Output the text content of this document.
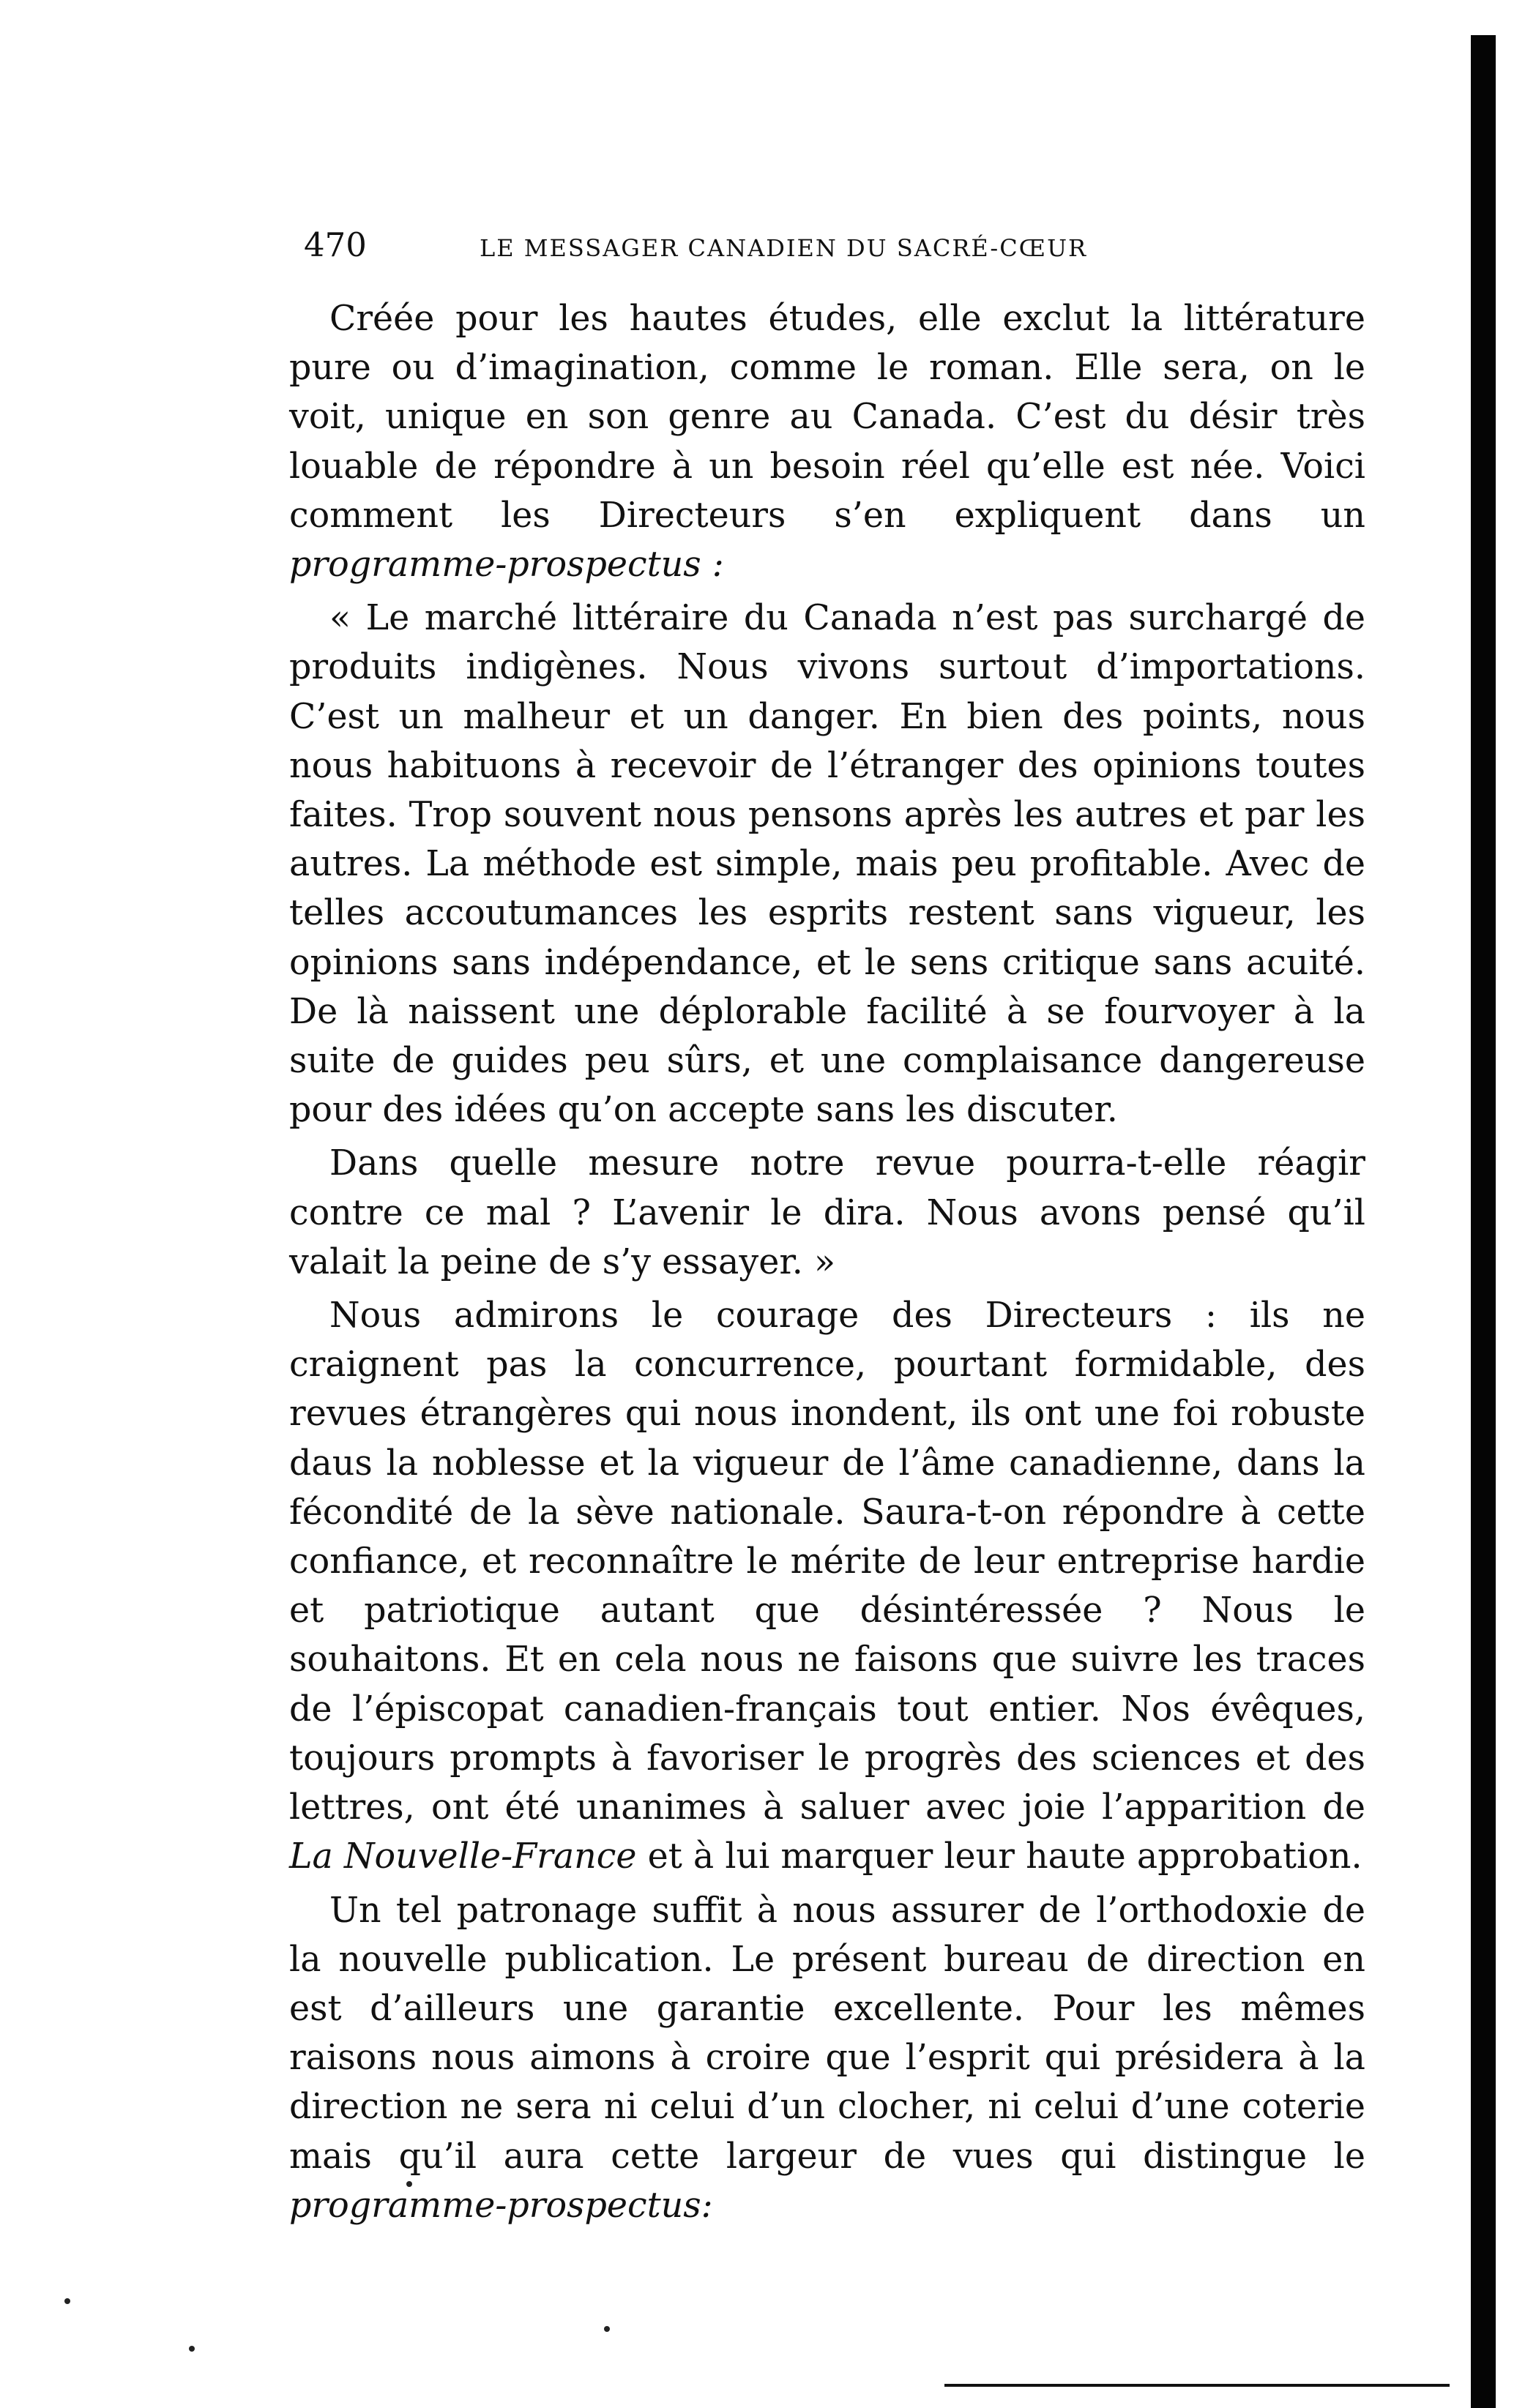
470	LE MESSAGER CANADIEN DU SACRÉ-CŒUR

Créée pour les hautes études, elle exclut la littérature pure ou d’imagination, comme le roman. Elle sera, on le voit, unique en son genre au Canada. C’est du désir très louable de répondre à un besoin réel qu’elle est née. Voici comment les Directeurs s’en expliquent dans un programme-prospectus :

« Le marché littéraire du Canada n’est pas surchargé de produits indigènes. Nous vivons surtout d’importations. C’est un malheur et un danger. En bien des points, nous nous habituons à recevoir de l’étranger des opinions toutes faites. Trop souvent nous pensons après les autres et par les autres. La méthode est simple, mais peu profitable. Avec de telles accoutumances les esprits restent sans vigueur, les opinions sans indépendance, et le sens critique sans acuité. De là naissent une déplorable facilité à se fourvoyer à la suite de guides peu sûrs, et une complaisance dangereuse pour des idées qu’on accepte sans les discuter.

Dans quelle mesure notre revue pourra-t-elle réagir contre ce mal ? L’avenir le dira. Nous avons pensé qu’il valait la peine de s’y essayer. »

Nous admirons le courage des Directeurs : ils ne craignent pas la concurrence, pourtant formidable, des revues étrangères qui nous inondent, ils ont une foi robuste daus la noblesse et la vigueur de l’âme canadienne, dans la fécondité de la sève nationale. Saura-t-on répondre à cette confiance, et reconnaître le mérite de leur entreprise hardie et patriotique autant que désintéressée ? Nous le souhaitons. Et en cela nous ne faisons que suivre les traces de l’épiscopat canadien-français tout entier. Nos évêques, toujours prompts à favoriser le progrès des sciences et des lettres, ont été unanimes à saluer avec joie l’apparition de La Nouvelle-France et à lui marquer leur haute approbation.

Un tel patronage suffit à nous assurer de l’orthodoxie de la nouvelle publication. Le présent bureau de direction en est d’ailleurs une garantie excellente. Pour les mêmes raisons nous aimons à croire que l’esprit qui présidera à la direction ne sera ni celui d’un clocher, ni celui d’une coterie mais qu’il aura cette largeur de vues qui distingue le programme-prospectus:
